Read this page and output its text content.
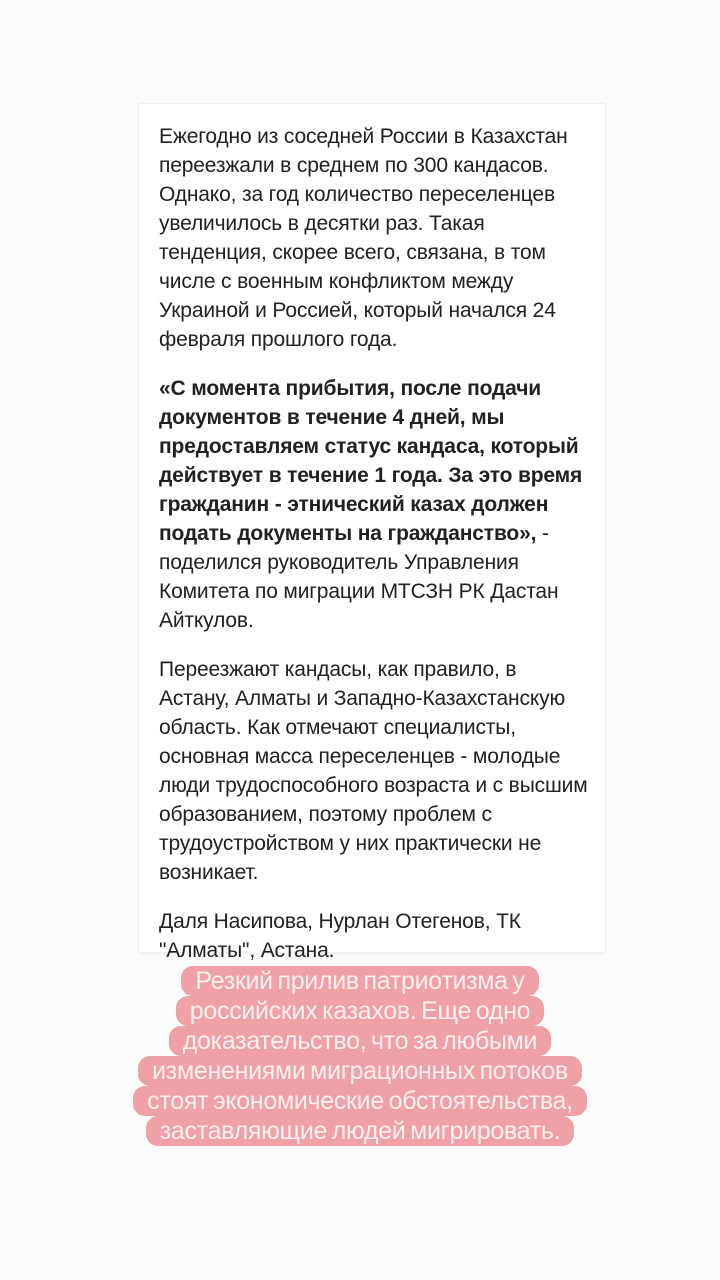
Ежегодно из соседней России в Казахстан переезжали в среднем по 300 кандасов. Однако, за год количество переселенцев увеличилось в десятки раз. Такая тенденция, скорее всего, связана, в том числе с военным конфликтом между Украиной и Россией, который начался 24 февраля прошлого года.

«С момента прибытия, после подачи документов в течение 4 дней, мы предоставляем статус кандаса, который действует в течение 1 года. За это время гражданин - этнический казах должен подать документы на гражданство», - поделился руководитель Управления Комитета по миграции МТСЗН РК Дастан Айткулов.

Переезжают кандасы, как правило, в Астану, Алматы и Западно-Казахстанскую область. Как отмечают специалисты, основная масса переселенцев - молодые люди трудоспособного возраста и с высшим образованием, поэтому проблем с трудоустройством у них практически не возникает.

Даля Насипова, Нурлан Отегенов, ТК "Алматы", Астана.

Резкий прилив патриотизма у
российских казахов. Еще одно
доказательство, что за любыми
изменениями миграционных потоков
стоят экономические обстоятельства,
заставляющие людей мигрировать.
